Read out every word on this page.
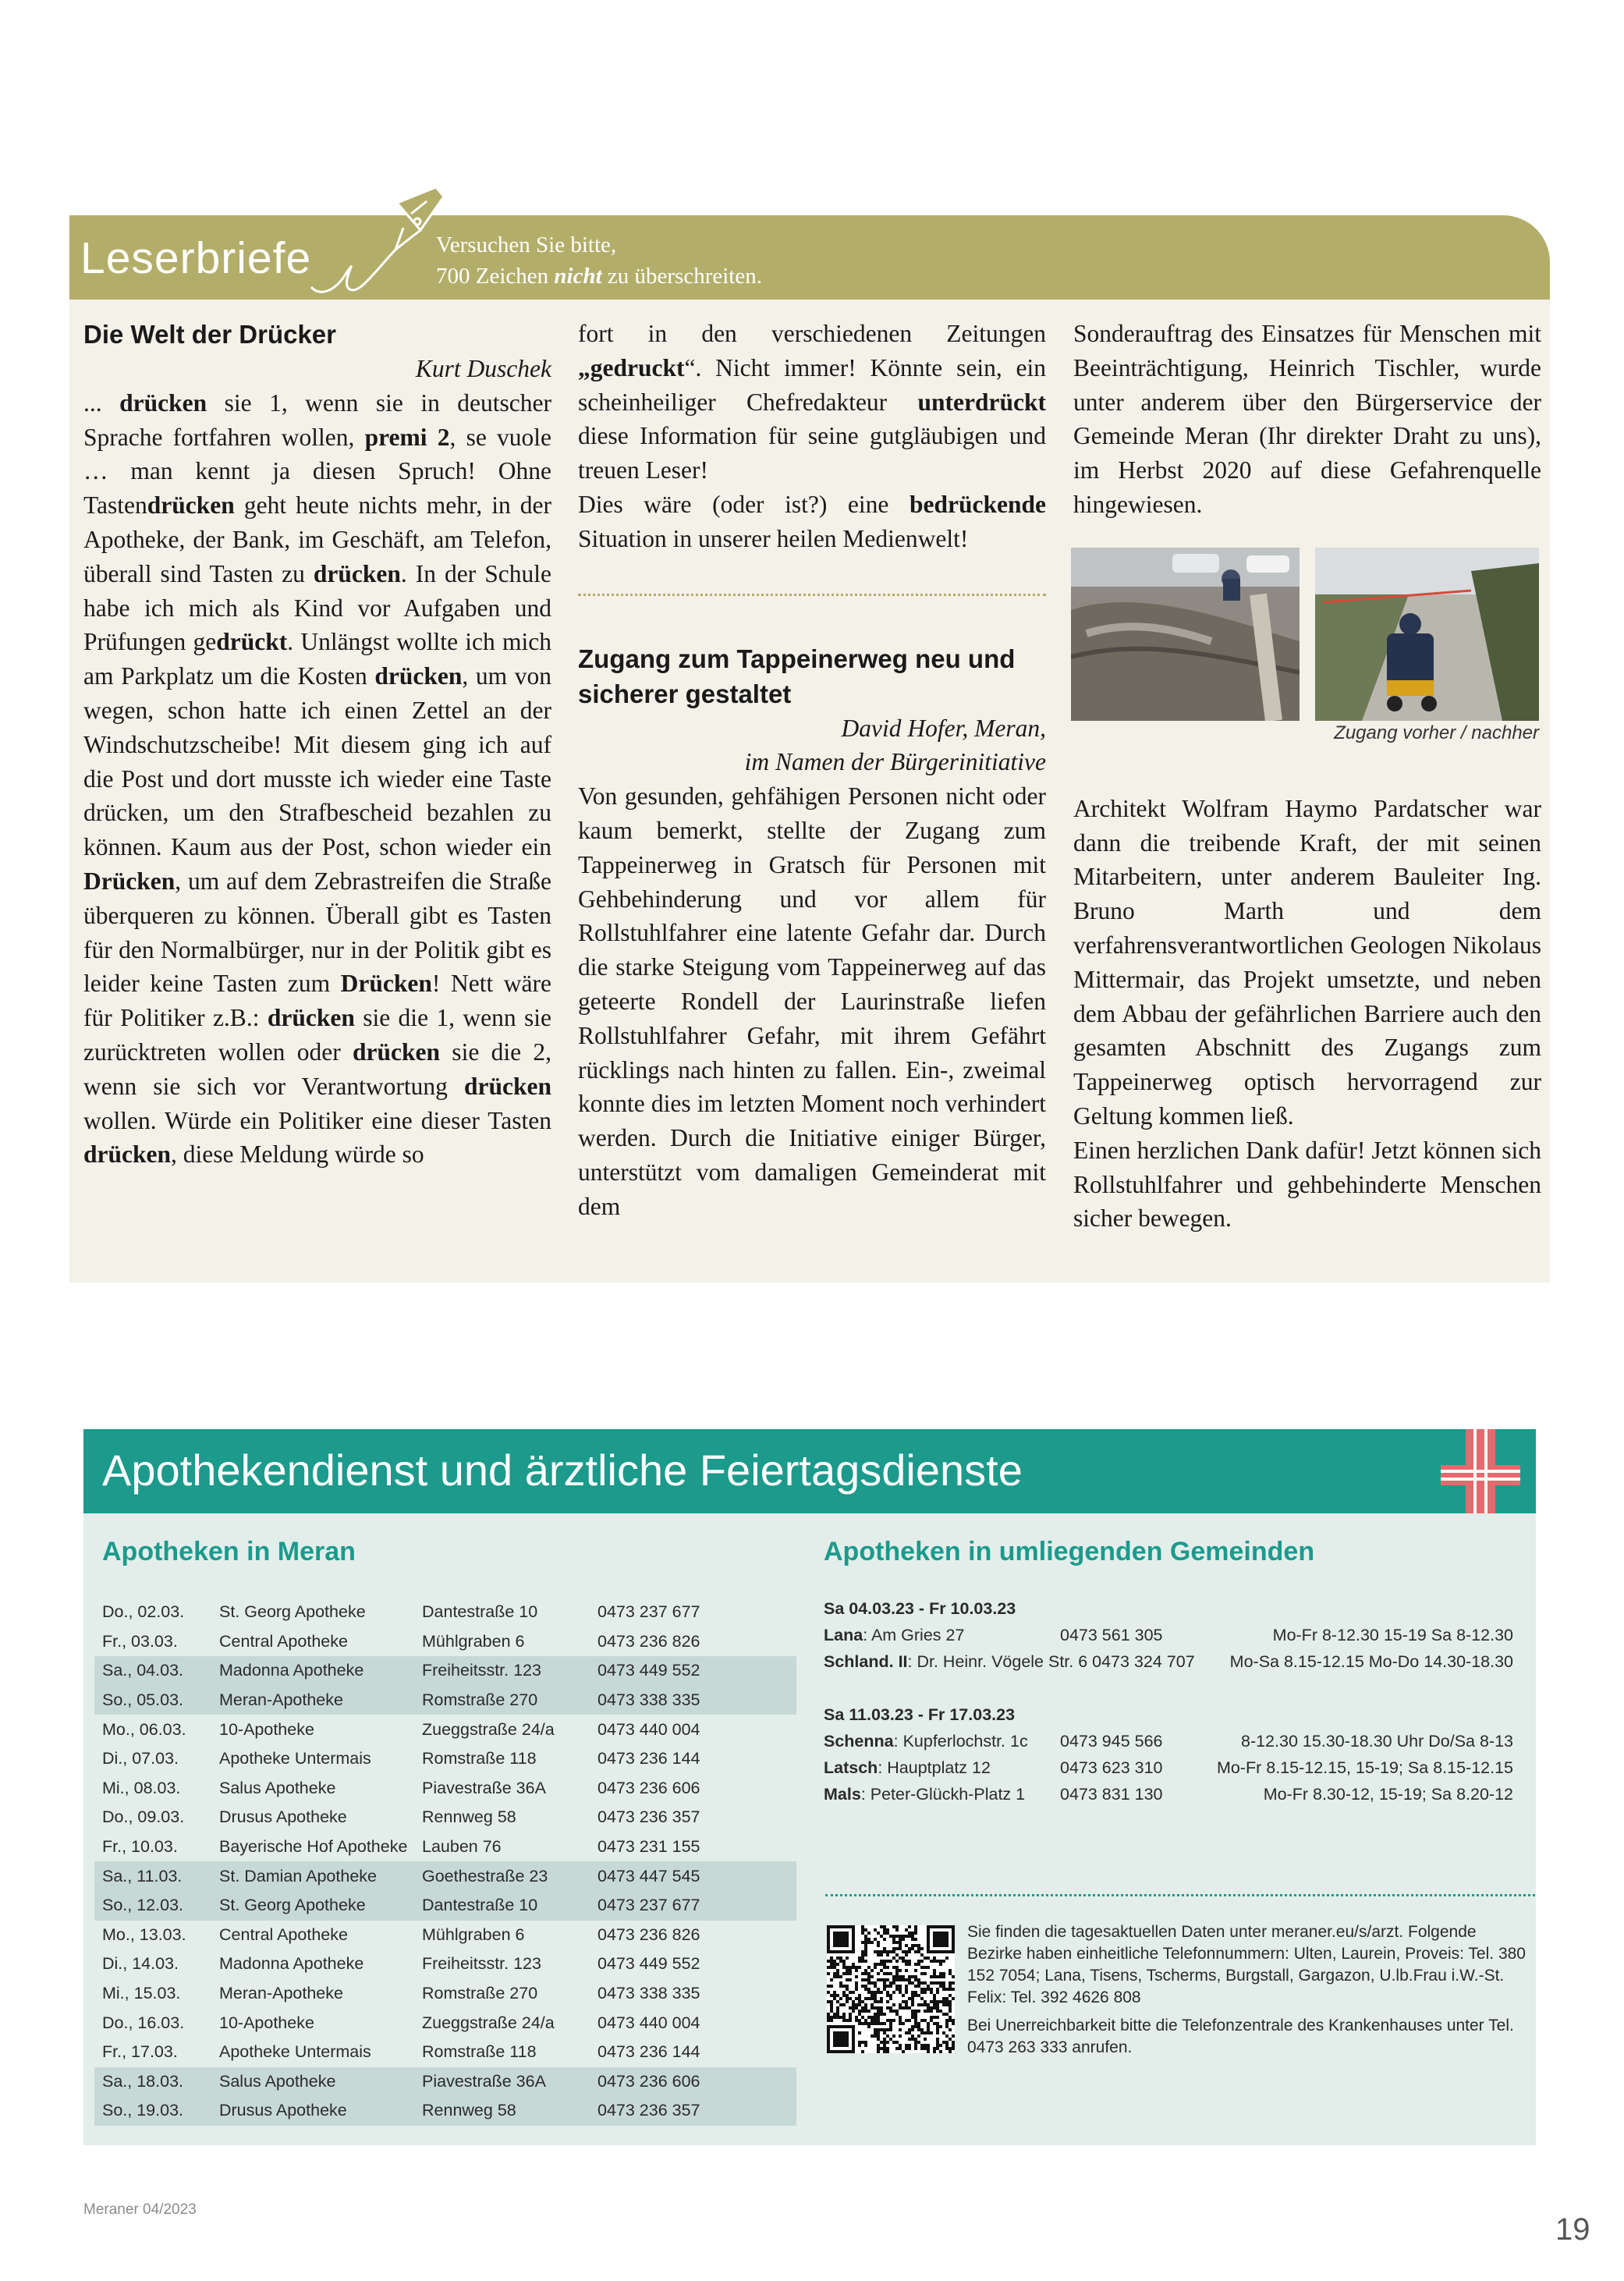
Leserbriefe	Versuchen Sie bitte,
700 Zeichen nicht zu überschreiten.
Die Welt der Drücker
Kurt Duschek

... drücken sie 1, wenn sie in deutscher Sprache fortfahren wollen, premi 2, se vuole … man kennt ja diesen Spruch! Ohne Tastendrücken geht heute nichts mehr, in der Apotheke, der Bank, im Geschäft, am Telefon, überall sind Tasten zu drücken. In der Schule habe ich mich als Kind vor Aufgaben und Prüfungen gedrückt. Unlängst wollte ich mich am Parkplatz um die Kosten drücken, um von wegen, schon hatte ich einen Zettel an der Windschutzscheibe! Mit diesem ging ich auf die Post und dort musste ich wieder eine Taste drücken, um den Strafbescheid bezahlen zu können. Kaum aus der Post, schon wieder ein Drücken, um auf dem Zebrastreifen die Straße überqueren zu können. Überall gibt es Tasten für den Normalbürger, nur in der Politik gibt es leider keine Tasten zum Drücken! Nett wäre für Politiker z.B.: drücken sie die 1, wenn sie zurücktreten wollen oder drücken sie die 2, wenn sie sich vor Verantwortung drücken wollen. Würde ein Politiker eine dieser Tasten drücken, diese Meldung würde so

fort in den verschiedenen Zeitungen „gedruckt“. Nicht immer! Könnte sein, ein scheinheiliger Chefredakteur unterdrückt diese Information für seine gutgläubigen und treuen Leser!

Dies wäre (oder ist?) eine bedrückende Situation in unserer heilen Medienwelt!

Zugang zum Tappeinerweg neu und sicherer gestaltet
David Hofer, Meran,
im Namen der Bürgerinitiative

Von gesunden, gehfähigen Personen nicht oder kaum bemerkt, stellte der Zugang zum Tappeinerweg in Gratsch für Personen mit Gehbehinderung und vor allem für Rollstuhlfahrer eine latente Gefahr dar. Durch die starke Steigung vom Tappeinerweg auf das geteerte Rondell der Laurinstraße liefen Rollstuhlfahrer Gefahr, mit ihrem Gefährt rücklings nach hinten zu fallen. Ein-, zweimal konnte dies im letzten Moment noch verhindert werden. Durch die Initiative einiger Bürger, unterstützt vom damaligen Gemeinderat mit dem

Sonderauftrag des Einsatzes für Menschen mit Beeinträchtigung, Heinrich Tischler, wurde unter anderem über den Bürgerservice der Gemeinde Meran (Ihr direkter Draht zu uns), im Herbst 2020 auf diese Gefahrenquelle hingewiesen.

Architekt Wolfram Haymo Pardatscher war dann die treibende Kraft, der mit seinen Mitarbeitern, unter anderem Bauleiter Ing. Bruno Marth und dem verfahrensverantwortlichen Geologen Nikolaus Mittermair, das Projekt umsetzte, und neben dem Abbau der gefährlichen Barriere auch den gesamten Abschnitt des Zugangs zum Tappeinerweg optisch hervorragend zur Geltung kommen ließ.

Einen herzlichen Dank dafür! Jetzt können sich Rollstuhlfahrer und gehbehinderte Menschen sicher bewegen.

Zugang vorher / nachher
Apothekendienst und ärztliche Feiertagsdienste
Apotheken in Meran	Apotheken in umliegenden Gemeinden
Do., 02.03.	St. Georg Apotheke	Dantestraße 10	0473 237 677
Fr., 03.03.	Central Apotheke	Mühlgraben 6	0473 236 826
Sa., 04.03.	Madonna Apotheke	Freiheitsstr. 123	0473 449 552
So., 05.03.	Meran-Apotheke	Romstraße 270	0473 338 335
Mo., 06.03.	10-Apotheke	Zueggstraße 24/a	0473 440 004
Di., 07.03.	Apotheke Untermais	Romstraße 118	0473 236 144
Mi., 08.03.	Salus Apotheke	Piavestraße 36A	0473 236 606
Do., 09.03.	Drusus Apotheke	Rennweg 58	0473 236 357
Fr., 10.03.	Bayerische Hof Apotheke	Lauben 76	0473 231 155
Sa., 11.03.	St. Damian Apotheke	Goethestraße 23	0473 447 545
So., 12.03.	St. Georg Apotheke	Dantestraße 10	0473 237 677
Mo., 13.03.	Central Apotheke	Mühlgraben 6	0473 236 826
Di., 14.03.	Madonna Apotheke	Freiheitsstr. 123	0473 449 552
Mi., 15.03.	Meran-Apotheke	Romstraße 270	0473 338 335
Do., 16.03.	10-Apotheke	Zueggstraße 24/a	0473 440 004
Fr., 17.03.	Apotheke Untermais	Romstraße 118	0473 236 144
Sa., 18.03.	Salus Apotheke	Piavestraße 36A	0473 236 606
So., 19.03.	Drusus Apotheke	Rennweg 58	0473 236 357
Sa 04.03.23 - Fr 10.03.23
Lana: Am Gries 27	0473 561 305	Mo-Fr 8-12.30 15-19 Sa 8-12.30
Schland. II: Dr. Heinr. Vögele Str. 6 0473 324 707 Mo-Sa 8.15-12.15 Mo-Do 14.30-18.30
Sa 11.03.23 - Fr 17.03.23
Schenna: Kupferlochstr. 1c 0473 945 566	8-12.30 15.30-18.30 Uhr Do/Sa 8-13
Latsch: Hauptplatz 12	0473 623 310	Mo-Fr 8.15-12.15, 15-19; Sa 8.15-12.15
Mals: Peter-Glückh-Platz 1 0473 831 130	Mo-Fr 8.30-12, 15-19; Sa 8.20-12

Sie finden die tagesaktuellen Daten unter meraner.eu/s/arzt. Folgende Bezirke haben einheitliche Telefonnummern: Ulten, Laurein, Proveis: Tel. 380 152 7054; Lana, Tisens, Tscherms, Burgstall, Gargazon, U.lb.Frau i.W.-St. Felix: Tel. 392 4626 808

Bei Unerreichbarkeit bitte die Telefonzentrale des Krankenhauses unter Tel. 0473 263 333 anrufen.

Meraner 04/2023
19
